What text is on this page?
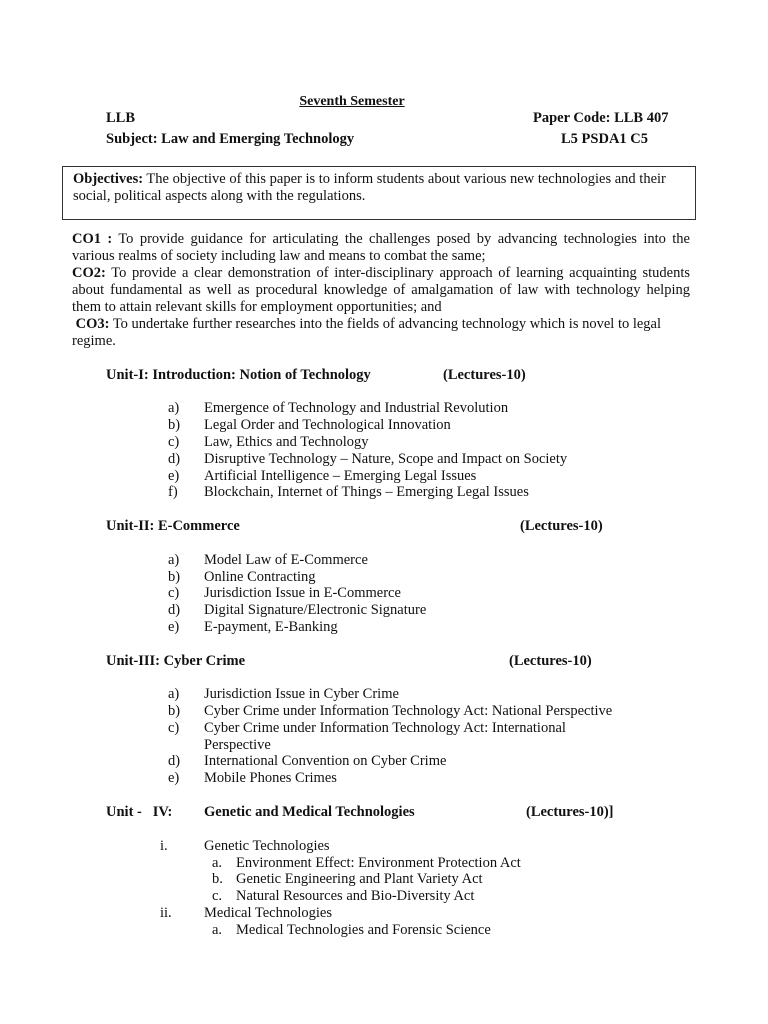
Seventh Semester
LLB	Paper Code: LLB 407
Subject: Law and Emerging Technology	L5 PSDA1 C5
Objectives: The objective of this paper is to inform students about various new technologies and their social, political aspects along with the regulations.

CO1 : To provide guidance for articulating the challenges posed by advancing technologies into the various realms of society including law and means to combat the same;

CO2: To provide a clear demonstration of inter-disciplinary approach of learning acquainting students about fundamental as well as procedural knowledge of amalgamation of law with technology helping them to attain relevant skills for employment opportunities; and

CO3: To undertake further researches into the fields of advancing technology which is novel to legal regime.

Unit-I: Introduction: Notion of Technology	(Lectures-10)
a) Emergence of Technology and Industrial Revolution
b) Legal Order and Technological Innovation
c) Law, Ethics and Technology
d) Disruptive Technology – Nature, Scope and Impact on Society
e) Artificial Intelligence – Emerging Legal Issues
f) Blockchain, Internet of Things – Emerging Legal Issues
Unit-II: E-Commerce	(Lectures-10)
a) Model Law of E-Commerce
b) Online Contracting
c) Jurisdiction Issue in E-Commerce
d) Digital Signature/Electronic Signature
e) E-payment, E-Banking
Unit-III: Cyber Crime	(Lectures-10)
a) Jurisdiction Issue in Cyber Crime
b) Cyber Crime under Information Technology Act: National Perspective
c) Cyber Crime under Information Technology Act: International
Perspective
d) International Convention on Cyber Crime
e) Mobile Phones Crimes
Unit -   IV: Genetic and Medical Technologies	(Lectures-10)]
i.	Genetic Technologies
a. Environment Effect: Environment Protection Act
b. Genetic Engineering and Plant Variety Act
c. Natural Resources and Bio-Diversity Act
ii. Medical Technologies
a. Medical Technologies and Forensic Science
